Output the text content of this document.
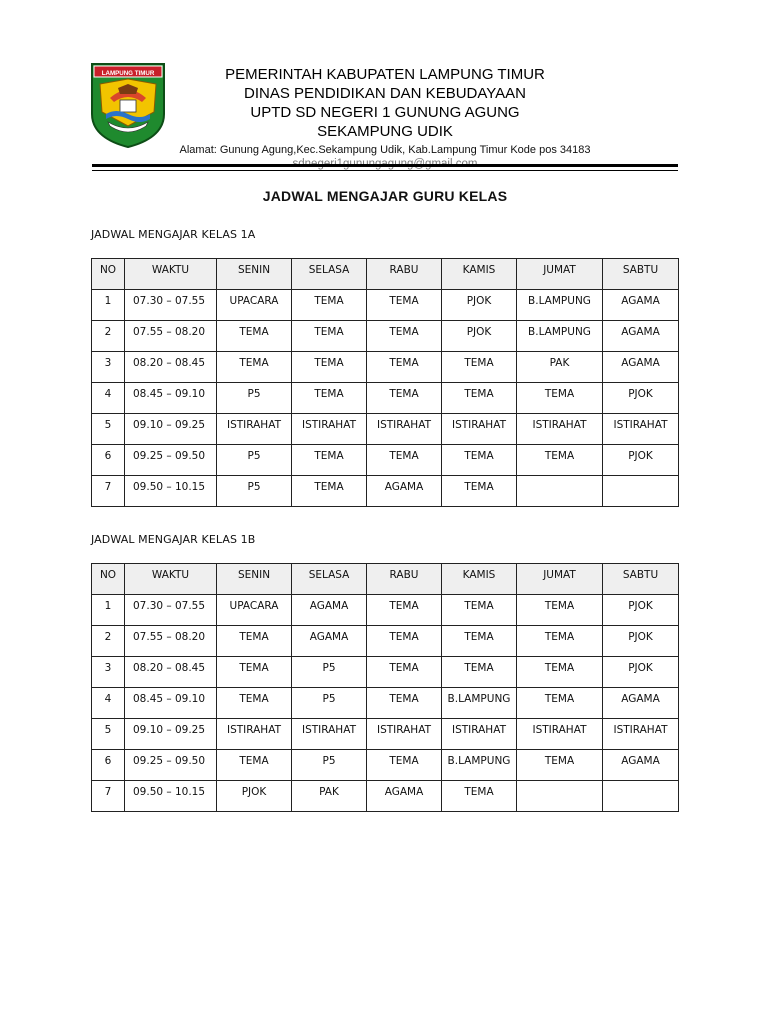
LAMPUNG TIMUR	PEMERINTAH KABUPATEN LAMPUNG TIMUR
DINAS PENDIDIKAN DAN KEBUDAYAAN
UPTD SD NEGERI 1 GUNUNG AGUNG
SEKAMPUNG UDIK
Alamat: Gunung Agung,Kec.Sekampung Udik, Kab.Lampung Timur Kode pos 34183
JADWAL MENGAJAR GURU KELAS
JADWAL MENGAJAR KELAS 1A
NO	WAKTU	SENIN	SELASA	RABU	KAMIS	JUMAT	SABTU
1	07.30 – 07.55	UPACARA	TEMA	TEMA	PJOK	B.LAMPUNG	AGAMA
2	07.55 – 08.20	TEMA	TEMA	TEMA	PJOK	B.LAMPUNG	AGAMA
3	08.20 – 08.45	TEMA	TEMA	TEMA	TEMA	PAK	AGAMA
4	08.45 – 09.10	P5	TEMA	TEMA	TEMA	TEMA	PJOK
5	09.10 – 09.25	ISTIRAHAT	ISTIRAHAT	ISTIRAHAT	ISTIRAHAT	ISTIRAHAT	ISTIRAHAT
6	09.25 – 09.50	P5	TEMA	TEMA	TEMA	TEMA	PJOK
7	09.50 – 10.15	P5	TEMA	AGAMA	TEMA		
JADWAL MENGAJAR KELAS 1B
NO	WAKTU	SENIN	SELASA	RABU	KAMIS	JUMAT	SABTU
1	07.30 – 07.55	UPACARA	AGAMA	TEMA	TEMA	TEMA	PJOK
2	07.55 – 08.20	TEMA	AGAMA	TEMA	TEMA	TEMA	PJOK
3	08.20 – 08.45	TEMA	P5	TEMA	TEMA	TEMA	PJOK
4	08.45 – 09.10	TEMA	P5	TEMA	B.LAMPUNG	TEMA	AGAMA
5	09.10 – 09.25	ISTIRAHAT	ISTIRAHAT	ISTIRAHAT	ISTIRAHAT	ISTIRAHAT	ISTIRAHAT
6	09.25 – 09.50	TEMA	P5	TEMA	B.LAMPUNG	TEMA	AGAMA
7	09.50 – 10.15	PJOK	PAK	AGAMA	TEMA		
